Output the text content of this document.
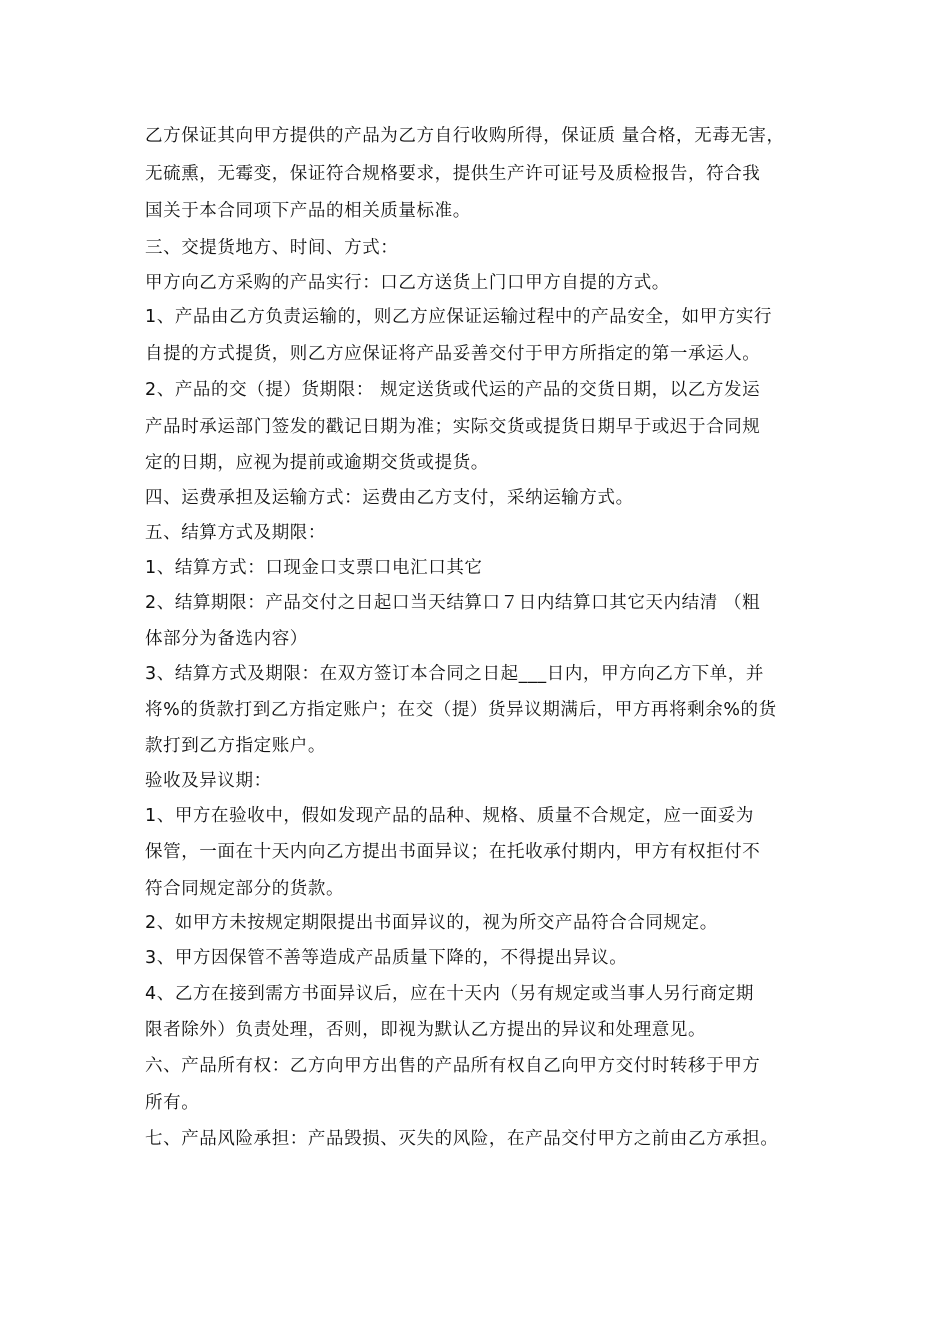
乙方保证其向甲方提供的产品为乙方自行收购所得，保证质 量合格，无毒无害，
无硫熏，无霉变，保证符合规格要求，提供生产许可证号及质检报告，符合我
国关于本合同项下产品的相关质量标准。
三、交提货地方、时间、方式：
甲方向乙方采购的产品实行：口乙方送货上门口甲方自提的方式。
1、产品由乙方负责运输的，则乙方应保证运输过程中的产品安全，如甲方实行
自提的方式提货，则乙方应保证将产品妥善交付于甲方所指定的第一承运人。
2、产品的交（提）货期限： 规定送货或代运的产品的交货日期，以乙方发运
产品时承运部门签发的戳记日期为准；实际交货或提货日期早于或迟于合同规
定的日期，应视为提前或逾期交货或提货。
四、运费承担及运输方式：运费由乙方支付，采纳运输方式。
五、结算方式及期限：
1、结算方式：口现金口支票口电汇口其它
2、结算期限：产品交付之日起口当天结算口７日内结算口其它天内结清 （粗
体部分为备选内容）
3、结算方式及期限：在双方签订本合同之日起___日内，甲方向乙方下单，并
将%的货款打到乙方指定账户；在交（提）货异议期满后，甲方再将剩余%的货
款打到乙方指定账户。
验收及异议期：
1、甲方在验收中，假如发现产品的品种、规格、质量不合规定，应一面妥为
保管，一面在十天内向乙方提出书面异议；在托收承付期内，甲方有权拒付不
符合同规定部分的货款。
2、如甲方未按规定期限提出书面异议的，视为所交产品符合合同规定。
3、甲方因保管不善等造成产品质量下降的，不得提出异议。
4、乙方在接到需方书面异议后，应在十天内（另有规定或当事人另行商定期
限者除外）负责处理，否则，即视为默认乙方提出的异议和处理意见。
六、产品所有权：乙方向甲方出售的产品所有权自乙向甲方交付时转移于甲方
所有。
七、产品风险承担：产品毁损、灭失的风险，在产品交付甲方之前由乙方承担。
